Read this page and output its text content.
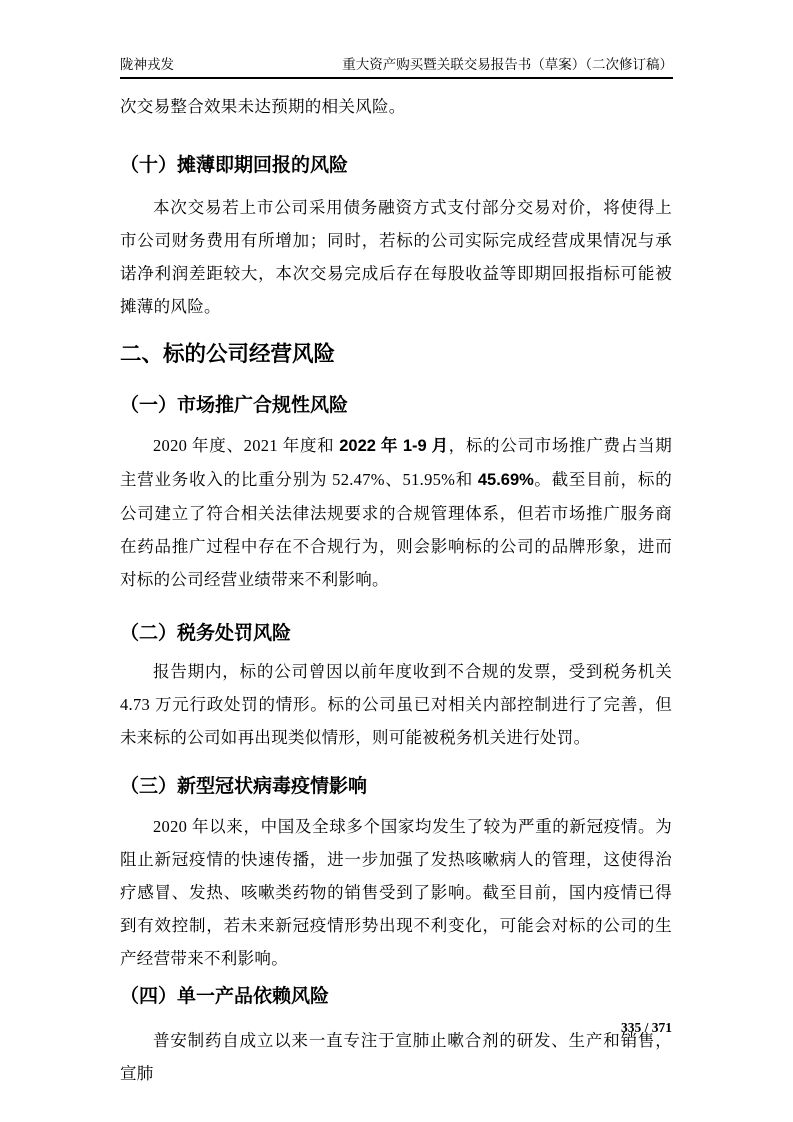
陇神戎发	重大资产购买暨关联交易报告书（草案）（二次修订稿）

次交易整合效果未达预期的相关风险。

（十）摊薄即期回报的风险

本次交易若上市公司采用债务融资方式支付部分交易对价，将使得上市公司财务费用有所增加；同时，若标的公司实际完成经营成果情况与承诺净利润差距较大，本次交易完成后存在每股收益等即期回报指标可能被摊薄的风险。

二、标的公司经营风险
（一）市场推广合规性风险

2020 年度、2021 年度和 2022 年 1-9 月，标的公司市场推广费占当期主营业务收入的比重分别为 52.47%、51.95%和 45.69%。截至目前，标的公司建立了符合相关法律法规要求的合规管理体系，但若市场推广服务商在药品推广过程中存在不合规行为，则会影响标的公司的品牌形象，进而对标的公司经营业绩带来不利影响。

（二）税务处罚风险

报告期内，标的公司曾因以前年度收到不合规的发票，受到税务机关 4.73 万元行政处罚的情形。标的公司虽已对相关内部控制进行了完善，但未来标的公司如再出现类似情形，则可能被税务机关进行处罚。

（三）新型冠状病毒疫情影响

2020 年以来，中国及全球多个国家均发生了较为严重的新冠疫情。为阻止新冠疫情的快速传播，进一步加强了发热咳嗽病人的管理，这使得治疗感冒、发热、咳嗽类药物的销售受到了影响。截至目前，国内疫情已得到有效控制，若未来新冠疫情形势出现不利变化，可能会对标的公司的生产经营带来不利影响。

（四）单一产品依赖风险

普安制药自成立以来一直专注于宣肺止嗽合剂的研发、生产和销售，宣肺

335 / 371
